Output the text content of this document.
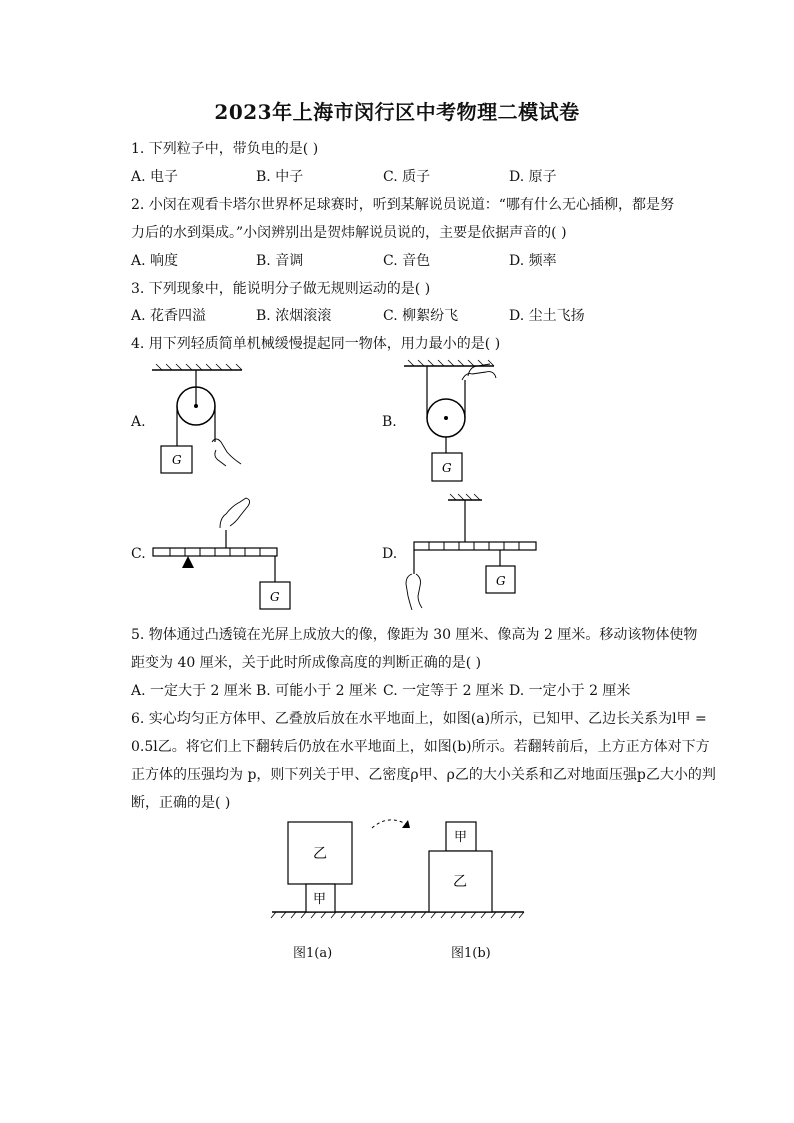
2023年上海市闵行区中考物理二模试卷
1. 下列粒子中，带负电的是( )
A. 电子	B. 中子	C. 质子	D. 原子
2. 小闵在观看卡塔尔世界杯足球赛时，听到某解说员说道：“哪有什么无心插柳，都是努
力后的水到渠成。”小闵辨别出是贺炜解说员说的，主要是依据声音的( )
A. 响度	B. 音调	C. 音色	D. 频率
3. 下列现象中，能说明分子做无规则运动的是( )
A. 花香四溢	B. 浓烟滚滚	C. 柳絮纷飞	D. 尘土飞扬
4. 用下列轻质简单机械缓慢提起同一物体，用力最小的是( )
A.	B.
C.	D.
G
G
G
G
5. 物体通过凸透镜在光屏上成放大的像，像距为 30 厘米、像高为 2 厘米。移动该物体使物
距变为 40 厘米，关于此时所成像高度的判断正确的是( )
A. 一定大于 2 厘米 B. 可能小于 2 厘米 C. 一定等于 2 厘米 D. 一定小于 2 厘米
6. 实心均匀正方体甲、乙叠放后放在水平地面上，如图(a)所示，已知甲、乙边长关系为l甲 =
0.5l乙。将它们上下翻转后仍放在水平地面上，如图(b)所示。若翻转前后，上方正方体对下方
正方体的压强均为 p，则下列关于甲、乙密度ρ甲、ρ乙的大小关系和乙对地面压强p乙大小的判
断，正确的是( )
乙
甲
甲
乙
图1(a)	图1(b)
